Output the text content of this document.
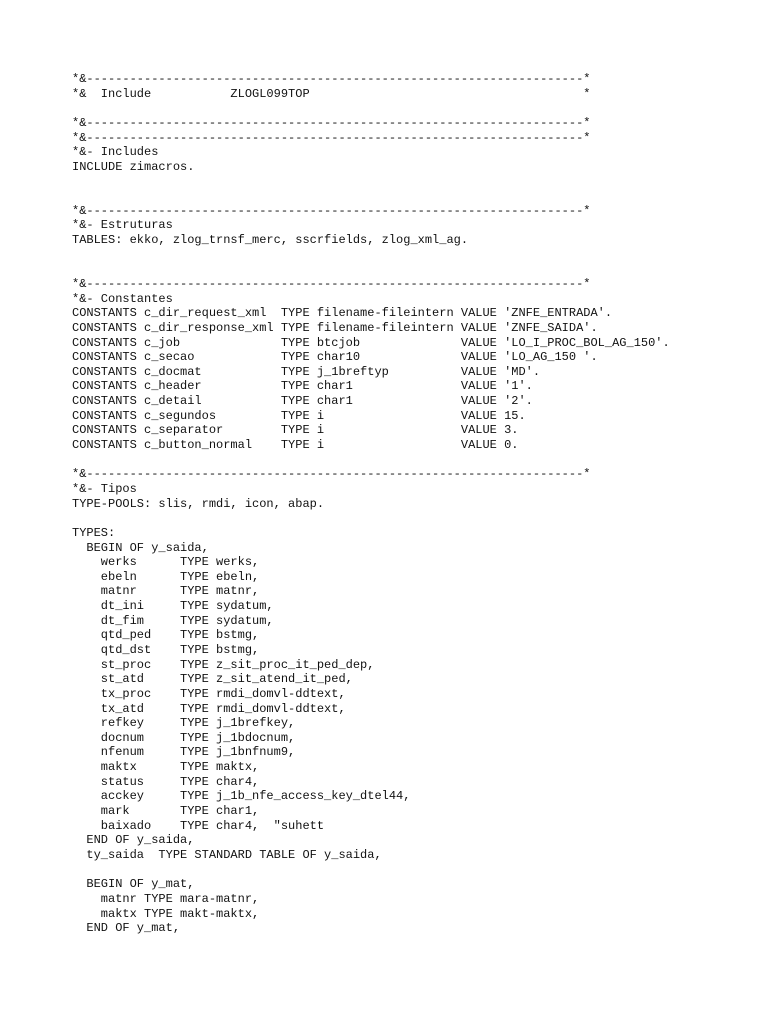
*&---------------------------------------------------------------------*
*&  Include           ZLOGL099TOP                                      *
*&---------------------------------------------------------------------*
*&---------------------------------------------------------------------*
*&- Includes
INCLUDE zimacros.
*&---------------------------------------------------------------------*
*&- Estruturas
TABLES: ekko, zlog_trnsf_merc, sscrfields, zlog_xml_ag.
*&---------------------------------------------------------------------*
*&- Constantes
CONSTANTS c_dir_request_xml  TYPE filename-fileintern VALUE 'ZNFE_ENTRADA'.
CONSTANTS c_dir_response_xml TYPE filename-fileintern VALUE 'ZNFE_SAIDA'.
CONSTANTS c_job              TYPE btcjob              VALUE 'LO_I_PROC_BOL_AG_150'.
CONSTANTS c_secao            TYPE char10              VALUE 'LO_AG_150 '.
CONSTANTS c_docmat           TYPE j_1breftyp          VALUE 'MD'.
CONSTANTS c_header           TYPE char1               VALUE '1'.
CONSTANTS c_detail           TYPE char1               VALUE '2'.
CONSTANTS c_segundos         TYPE i                   VALUE 15.
CONSTANTS c_separator        TYPE i                   VALUE 3.
CONSTANTS c_button_normal    TYPE i                   VALUE 0.
*&---------------------------------------------------------------------*
*&- Tipos
TYPE-POOLS: slis, rmdi, icon, abap.
TYPES:
BEGIN OF y_saida,
werks      TYPE werks,
ebeln      TYPE ebeln,
matnr      TYPE matnr,
dt_ini     TYPE sydatum,
dt_fim     TYPE sydatum,
qtd_ped    TYPE bstmg,
qtd_dst    TYPE bstmg,
st_proc    TYPE z_sit_proc_it_ped_dep,
st_atd     TYPE z_sit_atend_it_ped,
tx_proc    TYPE rmdi_domvl-ddtext,
tx_atd     TYPE rmdi_domvl-ddtext,
refkey     TYPE j_1brefkey,
docnum     TYPE j_1bdocnum,
nfenum     TYPE j_1bnfnum9,
maktx      TYPE maktx,
status     TYPE char4,
acckey     TYPE j_1b_nfe_access_key_dtel44,
mark       TYPE char1,
baixado    TYPE char4,  "suhett
END OF y_saida,
ty_saida  TYPE STANDARD TABLE OF y_saida,
BEGIN OF y_mat,
matnr TYPE mara-matnr,
maktx TYPE makt-maktx,
END OF y_mat,
